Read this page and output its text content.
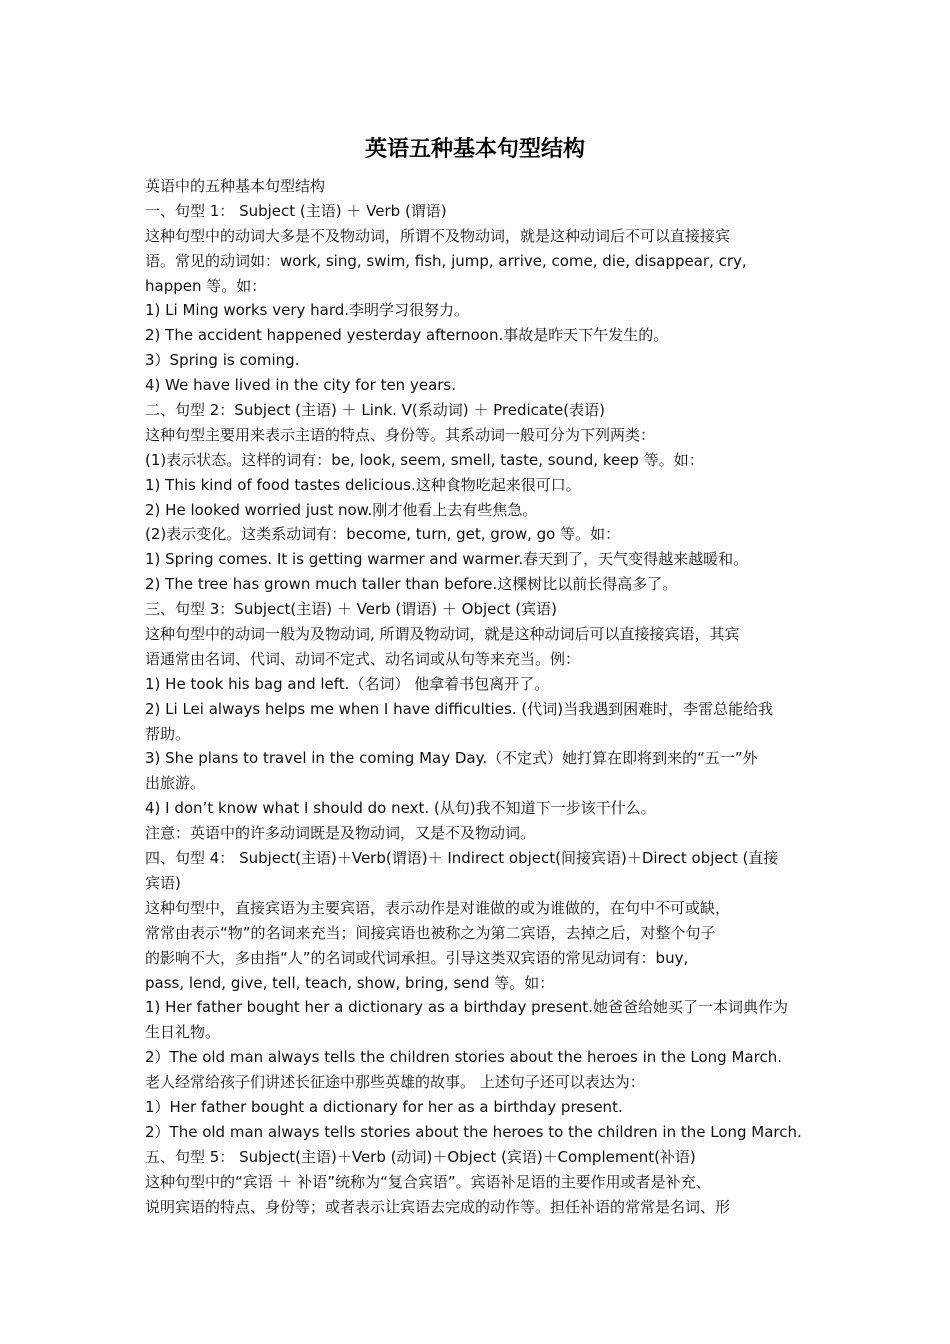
英语五种基本句型结构
英语中的五种基本句型结构
一、句型 1： Subject (主语) ＋ Verb (谓语)
这种句型中的动词大多是不及物动词，所谓不及物动词，就是这种动词后不可以直接接宾
语。常见的动词如：work, sing, swim, fish, jump, arrive, come, die, disappear, cry,
happen 等。如：
1) Li Ming works very hard.李明学习很努力。
2) The accident happened yesterday afternoon.事故是昨天下午发生的。
3）Spring is coming.
4) We have lived in the city for ten years.
二、句型 2：Subject (主语) ＋ Link. V(系动词) ＋ Predicate(表语)
这种句型主要用来表示主语的特点、身份等。其系动词一般可分为下列两类：
(1)表示状态。这样的词有：be, look, seem, smell, taste, sound, keep 等。如：
1) This kind of food tastes delicious.这种食物吃起来很可口。
2) He looked worried just now.刚才他看上去有些焦急。
(2)表示变化。这类系动词有：become, turn, get, grow, go 等。如：
1) Spring comes. It is getting warmer and warmer.春天到了，天气变得越来越暖和。
2) The tree has grown much taller than before.这棵树比以前长得高多了。
三、句型 3：Subject(主语) ＋ Verb (谓语) ＋ Object (宾语)
这种句型中的动词一般为及物动词, 所谓及物动词，就是这种动词后可以直接接宾语，其宾
语通常由名词、代词、动词不定式、动名词或从句等来充当。例：
1) He took his bag and left.（名词） 他拿着书包离开了。
2) Li Lei always helps me when I have difficulties. (代词)当我遇到困难时，李雷总能给我
帮助。
3) She plans to travel in the coming May Day.（不定式）她打算在即将到来的“五一”外
出旅游。
4) I don’t know what I should do next. (从句)我不知道下一步该干什么。
注意：英语中的许多动词既是及物动词，又是不及物动词。
四、句型 4： Subject(主语)＋Verb(谓语)＋ Indirect object(间接宾语)＋Direct object (直接
宾语)
这种句型中，直接宾语为主要宾语，表示动作是对谁做的或为谁做的，在句中不可或缺，
常常由表示“物”的名词来充当；间接宾语也被称之为第二宾语，去掉之后，对整个句子
的影响不大，多由指“人”的名词或代词承担。引导这类双宾语的常见动词有：buy,
pass, lend, give, tell, teach, show, bring, send 等。如：
1) Her father bought her a dictionary as a birthday present.她爸爸给她买了一本词典作为
生日礼物。
2）The old man always tells the children stories about the heroes in the Long March.
老人经常给孩子们讲述长征途中那些英雄的故事。 上述句子还可以表达为：
1）Her father bought a dictionary for her as a birthday present.
2）The old man always tells stories about the heroes to the children in the Long March.
五、句型 5： Subject(主语)＋Verb (动词)＋Object (宾语)＋Complement(补语)
这种句型中的“宾语 ＋ 补语”统称为“复合宾语”。宾语补足语的主要作用或者是补充、
说明宾语的特点、身份等；或者表示让宾语去完成的动作等。担任补语的常常是名词、形
